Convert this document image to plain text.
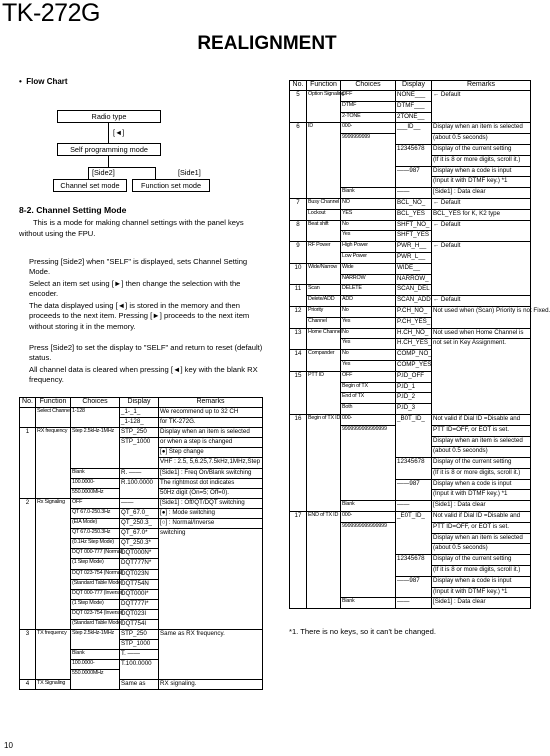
TK-272G
REALIGNMENT
•  Flow Chart
Radio type
[◄]
Self programming mode
[Side2]	[Side1]
Channel set mode	Function set mode
8-2. Channel Setting Mode
This is a mode for making channel settings with the panel keys without using the FPU.
Pressing [Side2] when "SELF" is displayed, sets Channel Setting Mode.
Select an item set using [►] then change the selection with the encoder.
The data displayed using [◄] is stored in the memory and then proceeds to the next item. Pressing [►] proceeds to the next item without storing it in the memory.
Press [Side2] to set the display to "SELF" and return to reset (default) status.
All channel data is cleared when pressing [◄] key with the blank RX frequency.
No.	Function	Choices	Display	Remarks
	Select Channel	1-128	_1-_1_	We recommend up to 32 CH
			_1-128_	for TK-272G.
1	RX frequency	Step 2.5kHz-1MHz	STP_250	Display when an item is selected
			STP_1000	or when a step is changed
				[●] Step change
				VHF : 2.5, 5,6.25,7.5kHz,1MHz,Step
		Blank	R. ——	[Side1] : Freq On/Blank switching
		100.0000-	R.100.0000	The rightmost dot indicates
		550.0000MHz		50Hz digit (On=5; Off=0).
2	Rx Signaling	OFF	——	[Side1] : Off/QT/DQT switching
		QT 67.0-250.3Hz	QT_67.0_	[●] : Mode switching
		(EIA Mode)	QT_250.3_	[○] : Normal/Inverse
		QT 67.0-250.3Hz	QT_67.0*	switching
		(0.1Hz Step Mode)	QT_250.3*	
		DQT 000-777 (Normal)	DQT000N*	
		(1 Step Mode)	DQT777N*	
		DQT 023-754 (Normal)	DQT023N	
		(Standard Table Mode)	DQT754N	
		DQT 000-777 (Inverse)	DQT000I*	
		(1 Step Mode)	DQT777I*	
		DQT 023-754 (Inverse)	DQT023I	
		(Standard Table Mode)	DQT754I	
3	TX frequency	Step 2.5kHz-1MHz	STP_250	Same as RX frequency.
			STP_1000	
		Blank	T. ——	
		100.0000-	T.100.0000	
		550.0000MHz		
4	TX Signaling		Same as	RX signaling.
No.	Function	Choices	Display	Remarks
5	Option Signaling	OFF	NONE___	← Default
		DTMF	DTMF___	
		2-TONE	2TONE__	
6	ID	000-	___ID__	Display when an item is selected
		9999999999		(about 0.5 seconds)
			12345678	Display of the current setting
				(If it is 8 or more digits, scroll it.)
			——987	Display when a code is input
				(Input it with DTMF key.) *1
		Blank	——	[Side1] : Data clear
7	Busy Channel	NO	BCL_NO_	← Default
	Lockout	YES	BCL_YES	BCL_YES for K, K2 type
8	Beat shift	No	SHFT_NO_	← Default
		Yes	SHFT_YES	
9	RF Power	High Power	PWR_H__	← Default
		Low Power	PWR_L__	
10	Wide/Narrow	Wide	WIDE__	
		NARROW	NARROW_	
11	Scan	DELETE	SCAN_DEL	
	Delete/ADD	ADD	SCAN_ADD	← Default
12	Priority	No	P.CH_NO_	Not used when (Scan) Priority is not Fixed.
	Channel	Yes	P.CH_YES_	
13	Home Channel	No	H.CH_NO_	Not used when Home Channel is
		Yes	H.CH_YES_	not set in Key Assignment.
14	Compander	No	COMP_NO_	
		Yes	COMP_YES	
15	PTT ID	OFF	P.ID_OFF	
		Begin of TX	P.ID_1	
		End of TX	P.ID_2	
		Both	P.ID_3	
16	Begin of TX ID	000-	_B0T_ID_	Not valid if Dial ID =Disable and
		9999999999999999		PTT ID=OFF, or EOT is set.
				Display when an item is selected
				(about 0.5 seconds)
			12345678	Display of the current setting
				(If it is 8 or more digits, scroll it.)
			——987	Display when a code is input
				(Input it with DTMF key.) *1
		Blank	——	[Side1] : Data clear
17	END of TX ID	000-	_E0T_ID_	Not valid if Dial ID =Disable and
		9999999999999999		PTT ID=OFF, or EOT is set.
				Display when an item is selected
				(about 0.5 seconds)
			12345678	Display of the current setting
				(If it is 8 or more digits, scroll it.)
			——987	Display when a code is input
				(Input it with DTMF key.) *1
		Blank	——	[Side1] : Data clear
*1. There is no keys, so it can't be changed.
10
